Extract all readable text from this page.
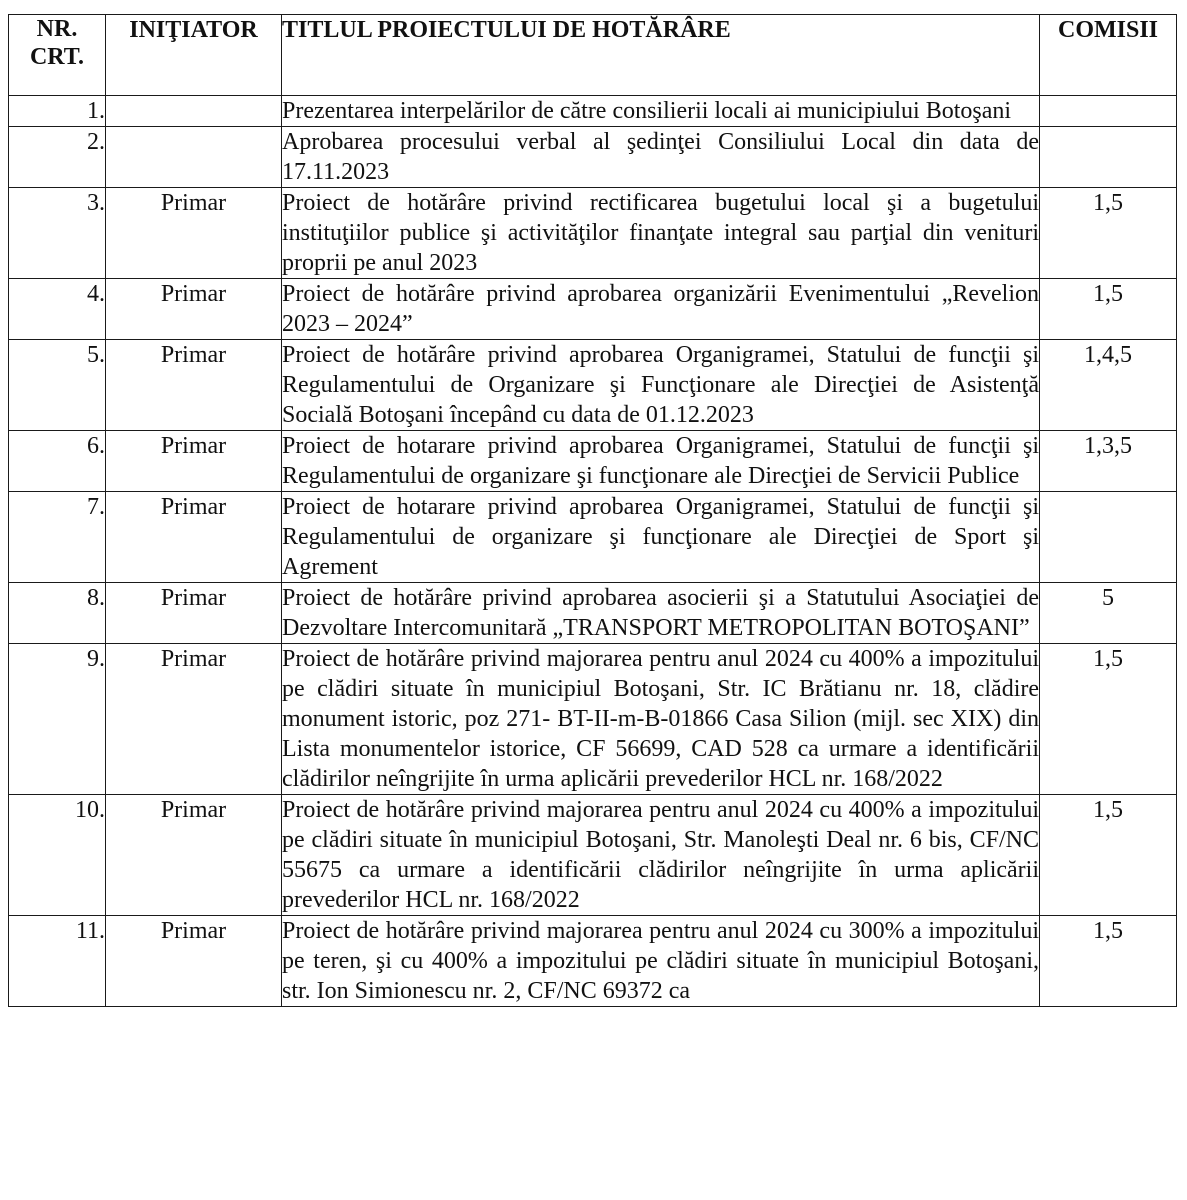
NR.
CRT.	INIŢIATOR	TITLUL PROIECTULUI DE HOTĂRÂRE	COMISII
1.		Prezentarea interpelărilor de către consilierii locali ai municipiului Botoşani	
2.		Aprobarea procesului verbal al şedinţei Consiliului Local din data de 17.11.2023	
3.	Primar	Proiect de hotărâre privind rectificarea bugetului local şi a bugetului instituţiilor publice şi activităţilor finanţate integral sau parţial din venituri proprii pe anul 2023	1,5
4.	Primar	Proiect de hotărâre privind aprobarea organizării Evenimentului „Revelion 2023 – 2024”	1,5
5.	Primar	Proiect de hotărâre privind aprobarea Organigramei, Statului de funcţii şi Regulamentului de Organizare şi Funcţionare ale Direcţiei de Asistenţă Socială Botoşani începând cu data de 01.12.2023	1,4,5
6.	Primar	Proiect de hotarare privind aprobarea Organigramei, Statului de funcţii şi Regulamentului de organizare şi funcţionare ale Direcţiei de Servicii Publice	1,3,5
7.	Primar	Proiect de hotarare privind aprobarea Organigramei, Statului de funcţii şi Regulamentului de organizare şi funcţionare ale Direcţiei de Sport şi Agrement	
8.	Primar	Proiect de hotărâre privind aprobarea asocierii şi a Statutului Asociaţiei de Dezvoltare Intercomunitară „TRANSPORT METROPOLITAN BOTOŞANI”	5
9.	Primar	Proiect de hotărâre privind majorarea pentru anul 2024 cu 400% a impozitului pe clădiri situate în municipiul Botoşani, Str. IC Brătianu nr. 18, clădire monument istoric, poz 271- BT-II-m-B-01866 Casa Silion (mijl. sec XIX) din Lista monumentelor istorice, CF 56699, CAD 528 ca urmare a identificării clădirilor neîngrijite în urma aplicării prevederilor HCL nr. 168/2022	1,5
10.	Primar	Proiect de hotărâre privind majorarea pentru anul 2024 cu 400% a impozitului pe clădiri situate în municipiul Botoşani, Str. Manoleşti Deal nr. 6 bis, CF/NC 55675 ca urmare a identificării clădirilor neîngrijite în urma aplicării prevederilor HCL nr. 168/2022	1,5
11.	Primar	Proiect de hotărâre privind majorarea pentru anul 2024 cu 300% a impozitului pe teren, şi cu 400% a impozitului pe clădiri situate în municipiul Botoşani, str. Ion Simionescu nr. 2, CF/NC 69372 ca	1,5
